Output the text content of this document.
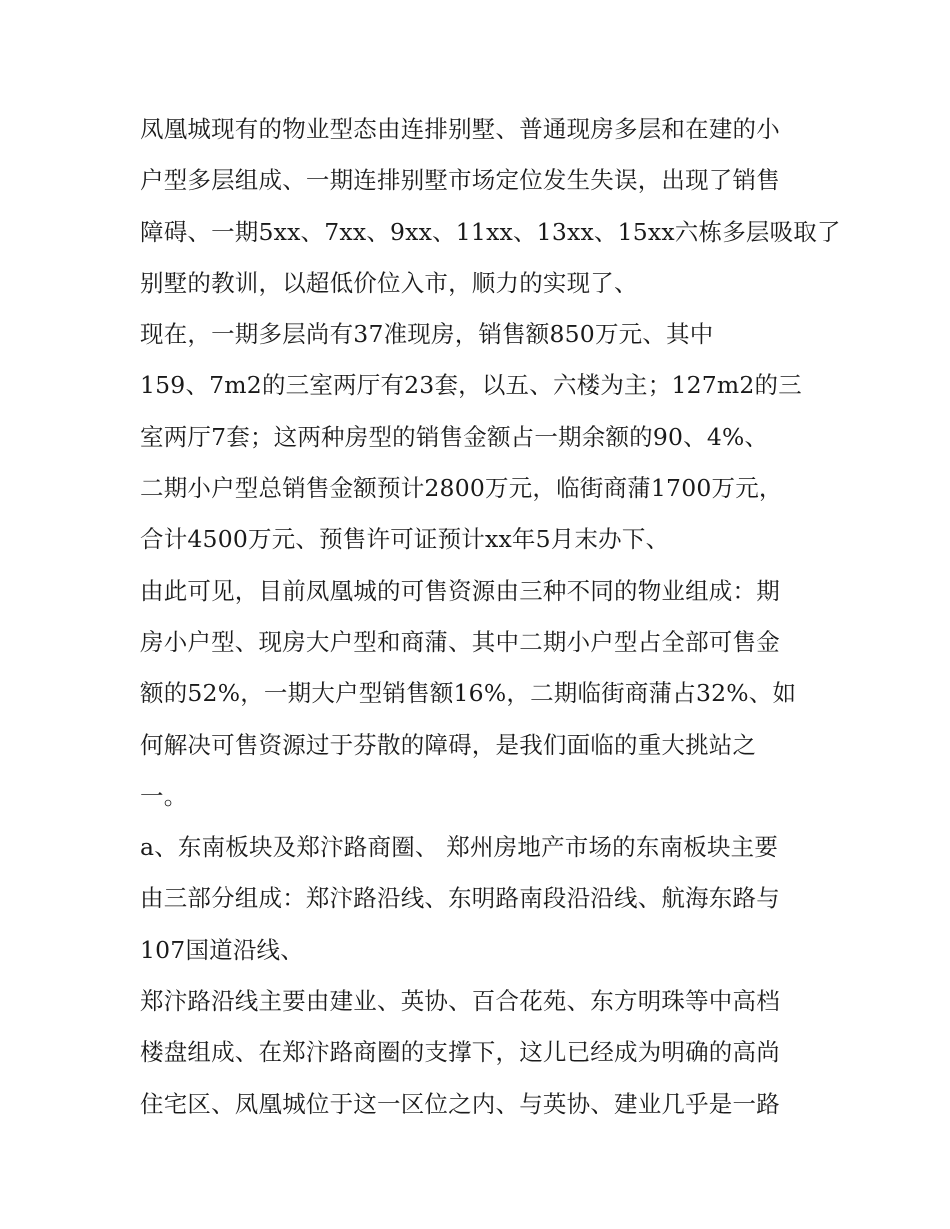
凤凰城现有的物业型态由连排别墅、普通现房多层和在建的小
户型多层组成、一期连排别墅市场定位发生失误，出现了销售
障碍、一期5xx、7xx、9xx、11xx、13xx、15xx六栋多层吸取了
别墅的教训，以超低价位入市，顺力的实现了、
现在，一期多层尚有37准现房，销售额850万元、其中
159、7m2的三室两厅有23套，以五、六楼为主；127m2的三
室两厅7套；这两种房型的销售金额占一期余额的90、4%、
二期小户型总销售金额预计2800万元，临街商蒲1700万元，
合计4500万元、预售许可证预计xx年5月末办下、
由此可见，目前凤凰城的可售资源由三种不同的物业组成：期
房小户型、现房大户型和商蒲、其中二期小户型占全部可售金
额的52%，一期大户型销售额16%，二期临街商蒲占32%、如
何解决可售资源过于芬散的障碍，是我们面临的重大挑站之
一。
a、东南板块及郑汴路商圈、 郑州房地产市场的东南板块主要
由三部分组成：郑汴路沿线、东明路南段沿沿线、航海东路与
107国道沿线、
郑汴路沿线主要由建业、英协、百合花苑、东方明珠等中高档
楼盘组成、在郑汴路商圈的支撑下，这儿已经成为明确的高尚
住宅区、凤凰城位于这一区位之内、与英协、建业几乎是一路
